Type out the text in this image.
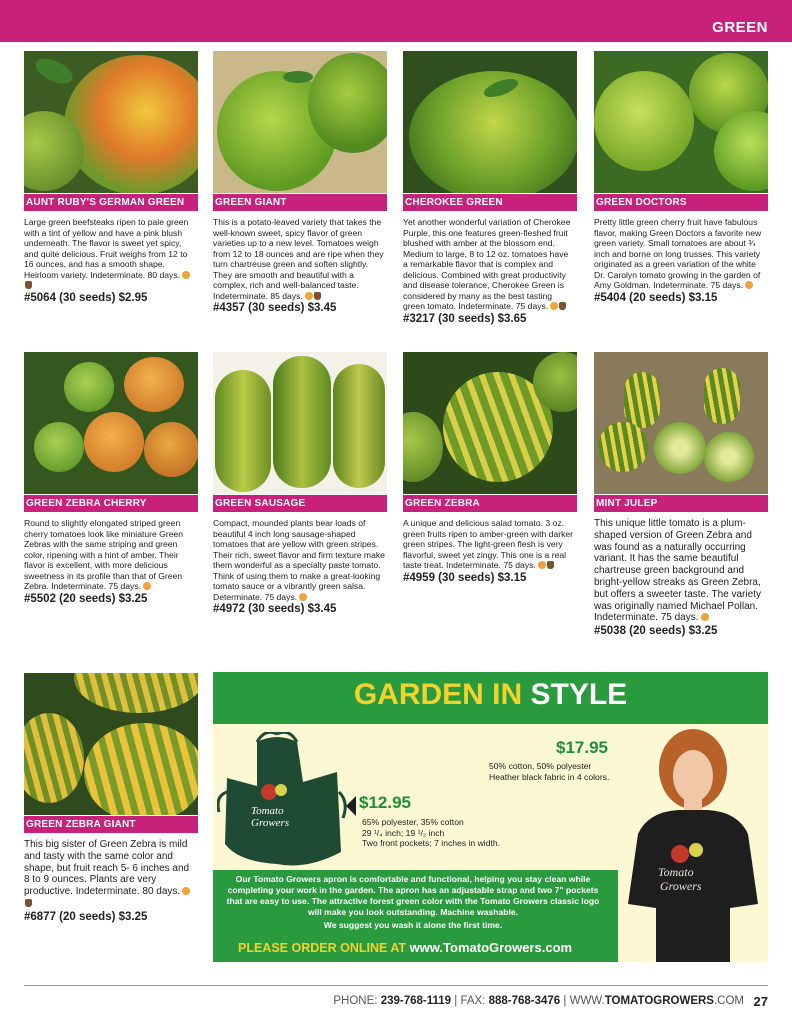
GREEN
AUNT RUBY'S GERMAN GREEN
Large green beefsteaks ripen to pale green with a tint of yellow and have a pink blush underneath. The flavor is sweet yet spicy, and quite delicious. Fruit weighs from 12 to 16 ounces, and has a smooth shape. Heirloom variety. Indeterminate. 80 days.
#5064 (30 seeds) $2.95
GREEN GIANT
This is a potato-leaved variety that takes the well-known sweet, spicy flavor of green varieties up to a new level. Tomatoes weigh from 12 to 18 ounces and are ripe when they turn chartreuse green and soften slightly. They are smooth and beautiful with a complex, rich and well-balanced taste. Indeterminate. 85 days.
#4357 (30 seeds) $3.45
CHEROKEE GREEN
Yet another wonderful variation of Cherokee Purple, this one features green-fleshed fruit blushed with amber at the blossom end. Medium to large, 8 to 12 oz. tomatoes have a remarkable flavor that is complex and delicious. Combined with great productivity and disease tolerance, Cherokee Green is considered by many as the best tasting green tomato. Indeterminate. 75 days.
#3217 (30 seeds) $3.65
GREEN DOCTORS
Pretty little green cherry fruit have fabulous flavor, making Green Doctors a favorite new green variety. Small tomatoes are about ¾ inch and borne on long trusses. This variety originated as a green variation of the white Dr. Carolyn tomato growing in the garden of Amy Goldman. Indeterminate. 75 days.
#5404 (20 seeds) $3.15
GREEN ZEBRA CHERRY
Round to slightly elongated striped green cherry tomatoes look like miniature Green Zebras with the same striping and green color, ripening with a hint of amber. Their flavor is excellent, with more delicious sweetness in its profile than that of Green Zebra. Indeterminate. 75 days.
#5502 (20 seeds) $3.25
GREEN SAUSAGE
Compact, mounded plants bear loads of beautiful 4 inch long sausage-shaped tomatoes that are yellow with green stripes. Their rich, sweet flavor and firm texture make them wonderful as a specialty paste tomato. Think of using them to make a great-looking tomato sauce or a vibrantly green salsa. Determinate. 75 days.
#4972 (30 seeds) $3.45
GREEN ZEBRA
A unique and delicious salad tomato. 3 oz. green fruits ripen to amber-green with darker green stripes. The light-green flesh is very flavorful, sweet yet zingy. This one is a real taste treat. Indeterminate. 75 days.
#4959 (30 seeds) $3.15
MINT JULEP
This unique little tomato is a plum-shaped version of Green Zebra and was found as a naturally occurring variant. It has the same beautiful chartreuse green background and bright-yellow streaks as Green Zebra, but offers a sweeter taste. The variety was originally named Michael Pollan. Indeterminate. 75 days.
#5038 (20 seeds) $3.25
GREEN ZEBRA GIANT
This big sister of Green Zebra is mild and tasty with the same color and shape, but fruit reach 5- 6 inches and 8 to 9 ounces. Plants are very productive. Indeterminate. 80 days.
#6877 (20 seeds) $3.25
GARDEN IN STYLE
Tomato
Growers
$17.95
50% cotton, 50% polyester
Heather black fabric in 4 colors.
$12.95
65% polyester, 35% cotton
29 ¹/₄ inch; 19 ¹/₂ inch
Two front pockets; 7 inches in width.
Tomato
Growers
Our Tomato Growers apron is comfortable and functional, helping you stay clean while completing your work in the garden. The apron has an adjustable strap and two 7" pockets that are easy to use. The attractive forest green color with the Tomato Growers classic logo will make you look outstanding. Machine washable.
We suggest you wash it alone the first time.
PLEASE ORDER ONLINE AT www.TomatoGrowers.com
PHONE: 239-768-1119 | FAX: 888-768-3476 | WWW.TOMATOGROWERS.COM 27
